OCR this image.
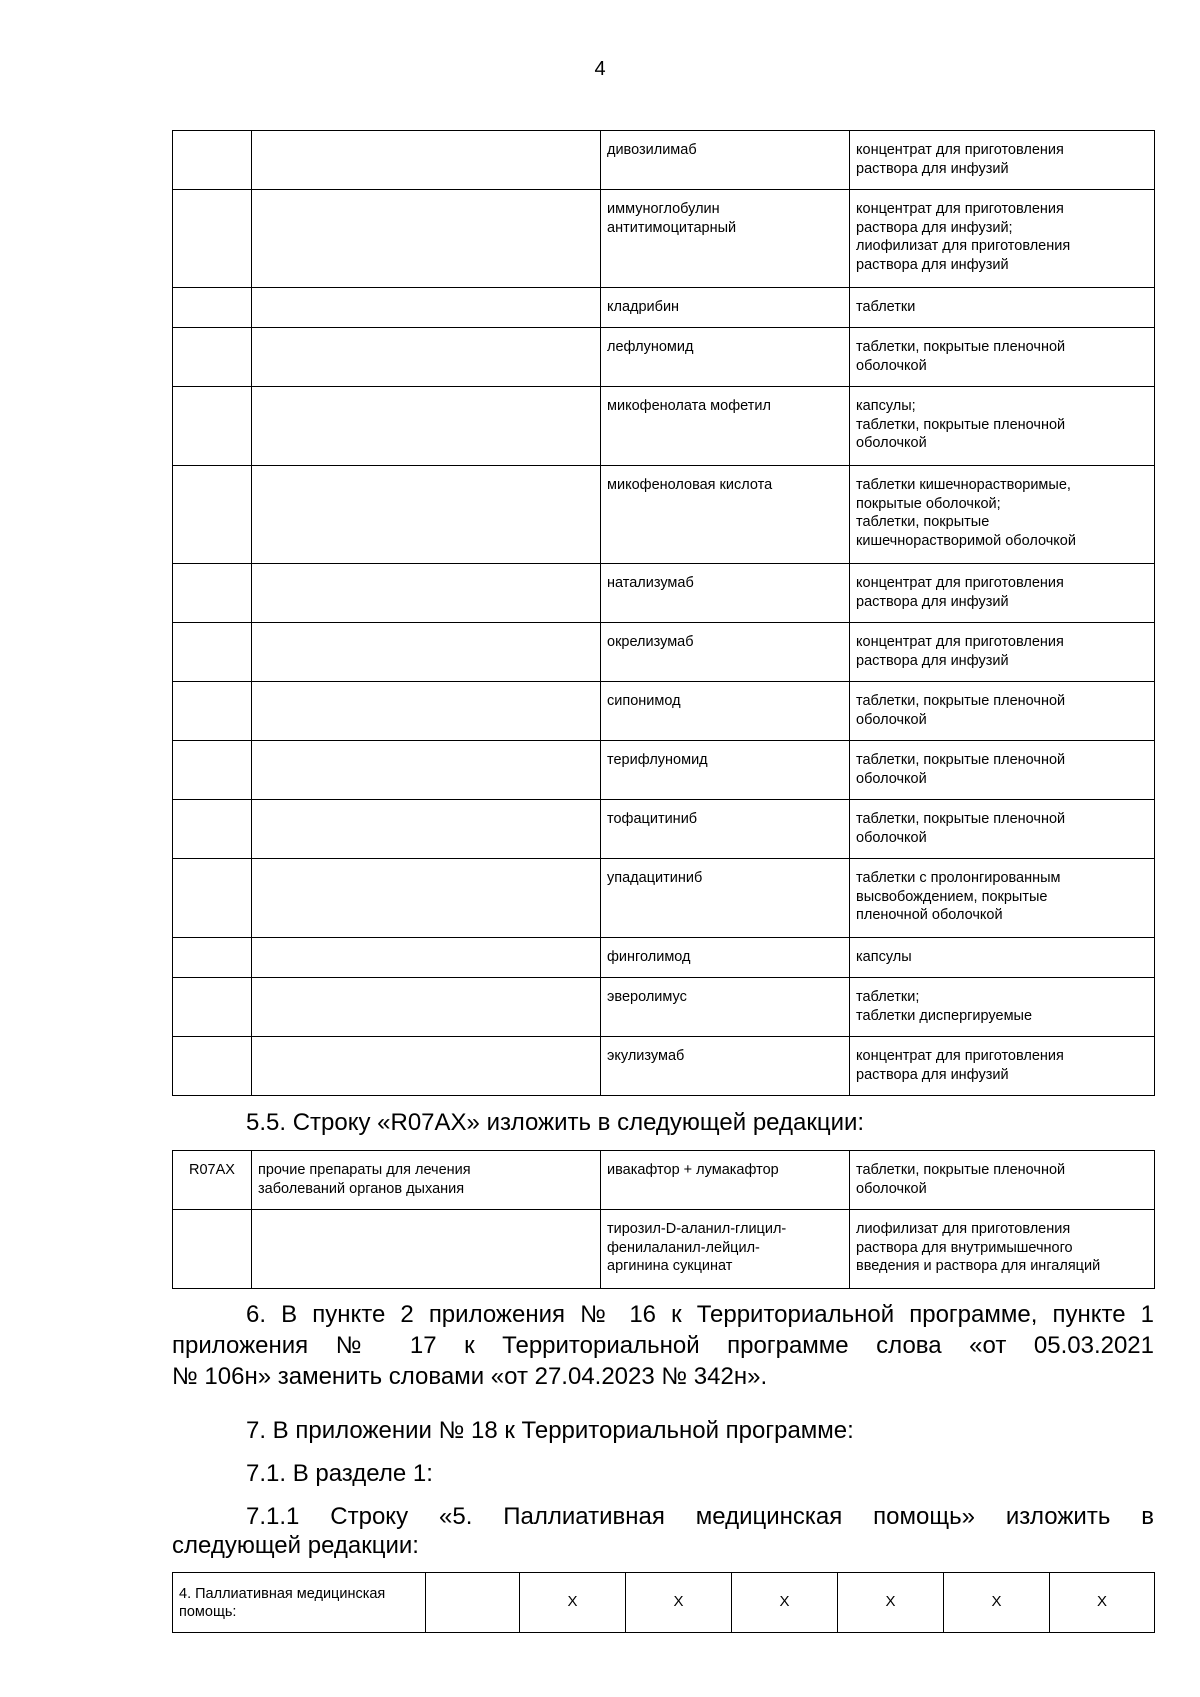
4
		дивозилимаб	концентрат для приготовления
раствора для инфузий
		иммуноглобулин
антитимоцитарный	концентрат для приготовления
раствора для инфузий;
лиофилизат для приготовления
раствора для инфузий
		кладрибин	таблетки
		лефлуномид	таблетки, покрытые пленочной
оболочкой
		микофенолата мофетил	капсулы;
таблетки, покрытые пленочной
оболочкой
		микофеноловая кислота	таблетки кишечнорастворимые,
покрытые оболочкой;
таблетки, покрытые
кишечнорастворимой оболочкой
		натализумаб	концентрат для приготовления
раствора для инфузий
		окрелизумаб	концентрат для приготовления
раствора для инфузий
		сипонимод	таблетки, покрытые пленочной
оболочкой
		терифлуномид	таблетки, покрытые пленочной
оболочкой
		тофацитиниб	таблетки, покрытые пленочной
оболочкой
		упадацитиниб	таблетки с пролонгированным
высвобождением, покрытые
пленочной оболочкой
		финголимод	капсулы
		эверолимус	таблетки;
таблетки диспергируемые
		экулизумаб	концентрат для приготовления
раствора для инфузий

5.5. Строку «R07AX» изложить в следующей редакции:

R07AX	прочие препараты для лечения
заболеваний органов дыхания	ивакафтор + лумакафтор	таблетки, покрытые пленочной
оболочкой
		тирозил-D-аланил-глицил-
фенилаланил-лейцил-
аргинина сукцинат	лиофилизат для приготовления
раствора для внутримышечного
введения и раствора для ингаляций

6. В пункте 2 приложения № 16 к Территориальной программе, пункте 1

приложения № 17 к Территориальной программе слова «от 05.03.2021

№ 106н» заменить словами «от 27.04.2023 № 342н».

7. В приложении № 18 к Территориальной программе:

7.1. В разделе 1:

7.1.1 Строку «5. Паллиативная медицинская помощь» изложить в

следующей редакции:

4. Паллиативная медицинская
помощь:		Х	Х	Х	Х	Х	Х
